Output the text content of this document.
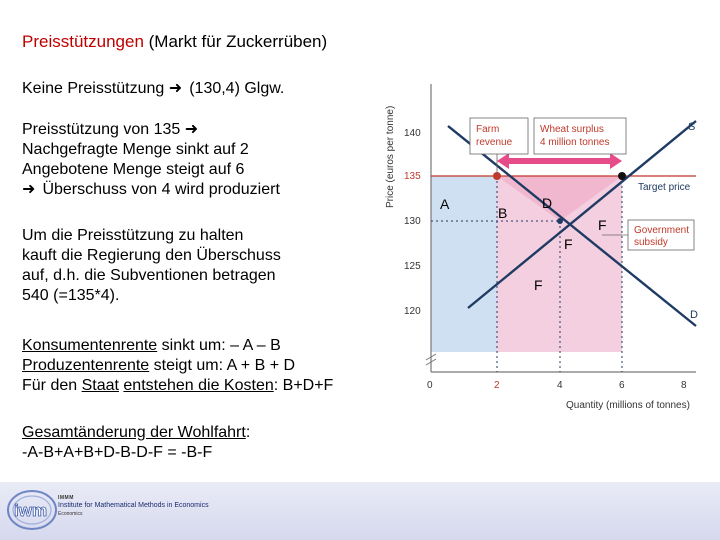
Preisstützungen (Markt für Zuckerrüben)

Keine Preisstützung ➜ (130,4) Glgw.

Preisstützung von 135 ➜
Nachgefragte Menge sinkt auf 2
Angebotene Menge steigt auf 6
➜ Überschuss von 4 wird produziert
Um die Preisstützung zu halten
kauft die Regierung den Überschuss
auf, d.h. die Subventionen betragen
540 (=135*4).
Konsumentenrente sinkt um: – A – B
Produzentenrente steigt um: A + B + D
Für den Staat entstehen die Kosten: B+D+F
Gesamtänderung der Wohlfahrt:
-A-B+A+B+D-B-D-F = -B-F
Farm
revenue
Wheat surplus
4 million tonnes
Government
subsidy
Target price
S
D
140
135
130
125
120
0	2	4	6	8
Quantity (millions of tonnes)
Price (euros per tonne)	A
B
D
F
F
F
iwm
IMMM
Institute for Mathematical Methods in Economics
Economics
